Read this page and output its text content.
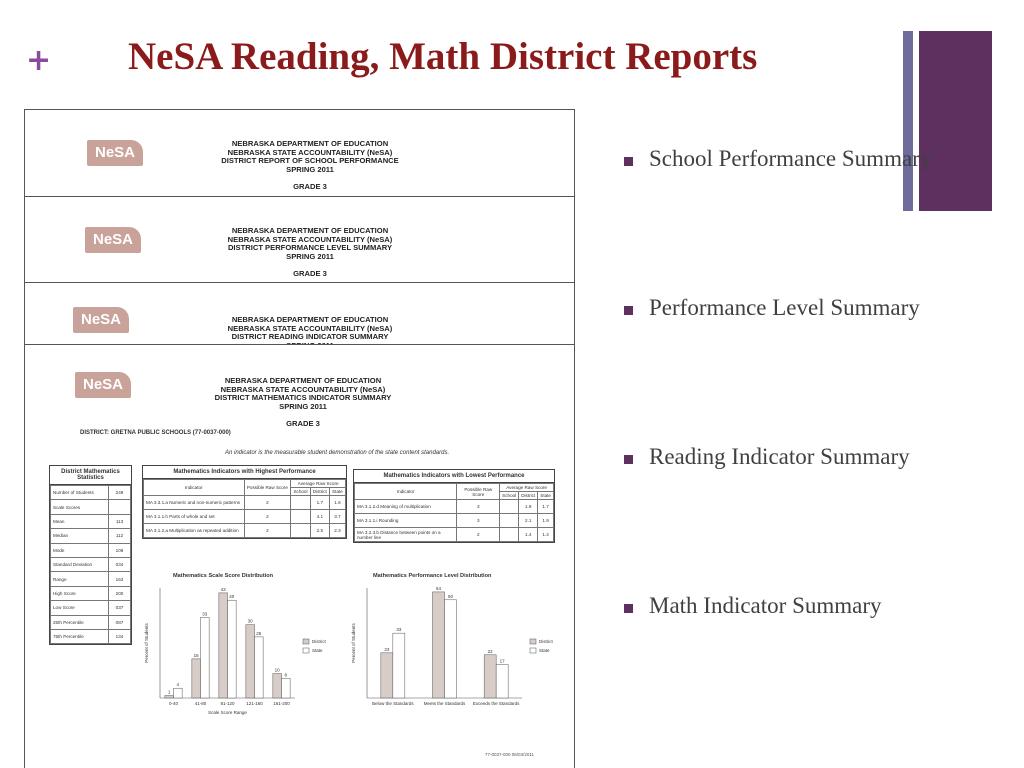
+ NeSA Reading, Math District Reports
NeSA
NEBRASKA DEPARTMENT OF EDUCATION
NEBRASKA STATE ACCOUNTABILITY (NeSA)
DISTRICT REPORT OF SCHOOL PERFORMANCE
SPRING 2011
GRADE 3
NeSA
NEBRASKA DEPARTMENT OF EDUCATION
NEBRASKA STATE ACCOUNTABILITY (NeSA)
DISTRICT PERFORMANCE LEVEL SUMMARY
SPRING 2011
GRADE 3
NeSA	NEBRASKA DEPARTMENT OF EDUCATION
NEBRASKA STATE ACCOUNTABILITY (NeSA)
DISTRICT READING INDICATOR SUMMARY

NeSA	NEBRASKA DEPARTMENT OF EDUCATION
NEBRASKA STATE ACCOUNTABILITY (NeSA)
DISTRICT MATHEMATICS INDICATOR SUMMARY
SPRING 2011
GRADE 3
DISTRICT: GRETNA PUBLIC SCHOOLS (77-0037-000)
An indicator is the measurable student demonstration of the state content standards.
District Mathematics Statistics
Number of Students	249
Scale Scores	
Mean	113
Median	112
Mode	109
Standard Deviation	034
Range	163
High Score	200
Low Score	037
25th Percentile	087
75th Percentile	134
Mathematics Indicators with Highest Performance
Indicator	Possible Raw Score	Average Raw Score		
		School	District	State
MA 3.3.1.a Numeric and non-numeric patterns	2		1.7	1.6
MA 3.1.1.h Parts of whole and set	2		4.1	3.7
MA 3.1.2.a Multiplication as repeated addition	2		2.5	2.3
Mathematics Indicators with Lowest Performance
Indicator	Possible Raw Score	Average Raw Score		
		School	District	State
MA 3.1.2.d Meaning of multiplication	3		1.9	1.7
MA 3.1.1.i Rounding	3		2.1	1.9
MA 3.2.3.b Distance between points on a number line	2		1.4	1.4
Mathematics Scale Score Distribution
Percent of Students
1
4
0-40
16
33
41-80
43
40
81-120
30
25
121-160
10
8
161-200
Scale Score Range
District
State
Mathematics Performance Level Distribution
Percent of Students	23
33
Below the Standards
54
50
Meets the Standards
22
17
Exceeds the Standards
District
State
77-0037-000 06/03/2011
School Performance Summary
Performance Level Summary
Reading Indicator Summary
Math Indicator Summary
